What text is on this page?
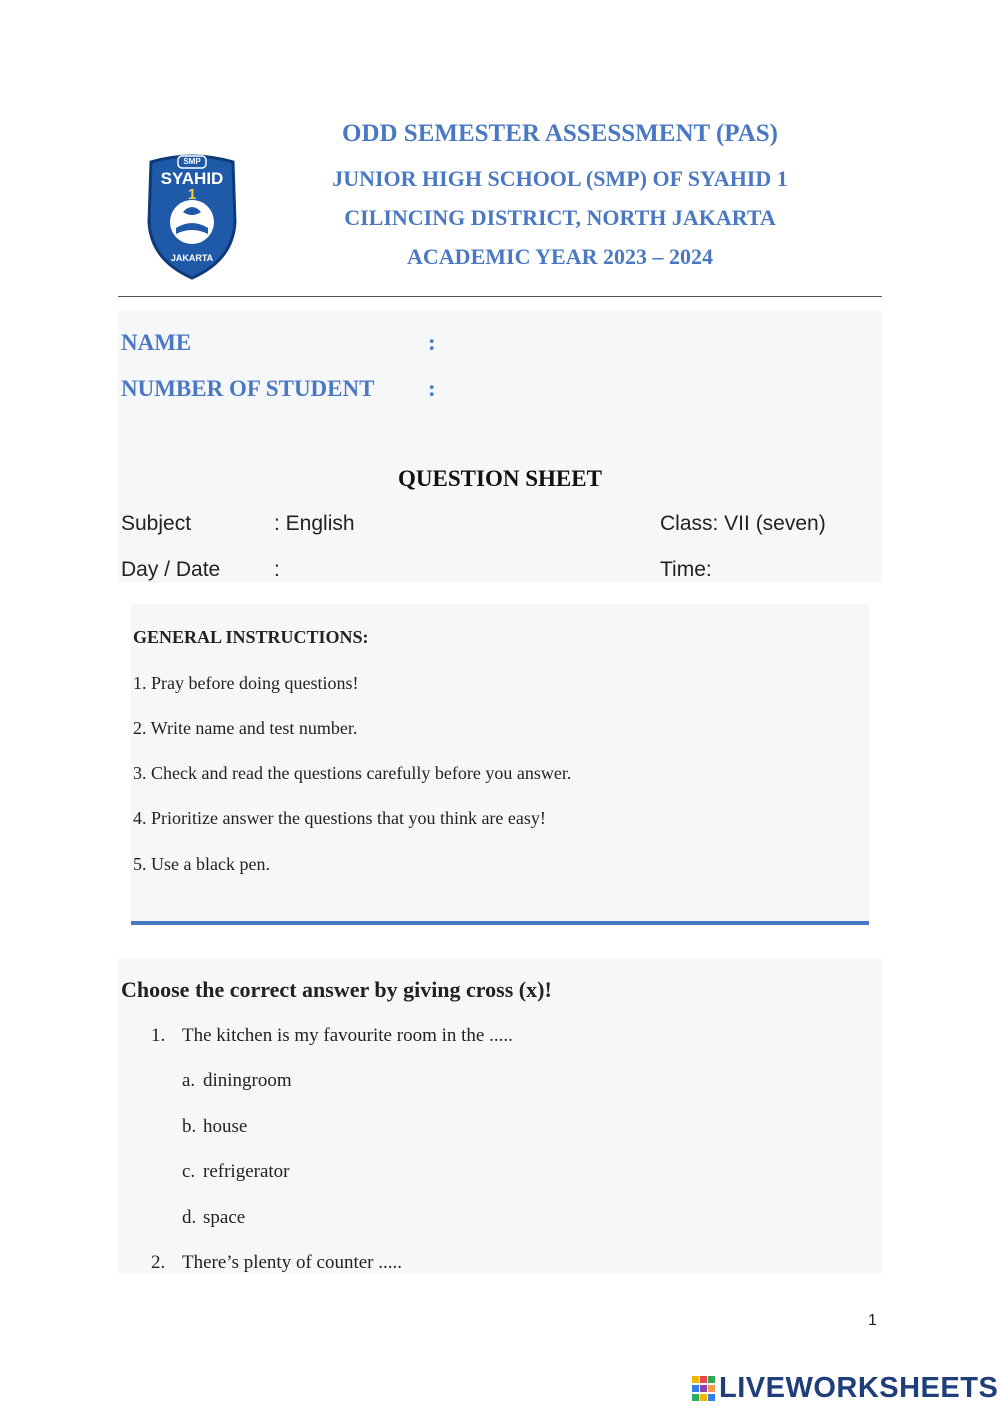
SMP
SYAHID
1
JAKARTA
ODD SEMESTER ASSESSMENT (PAS)
JUNIOR HIGH SCHOOL (SMP) OF SYAHID 1
CILINCING DISTRICT, NORTH JAKARTA
ACADEMIC YEAR 2023 – 2024
NAME	:
NUMBER OF STUDENT :
QUESTION SHEET
Subject	: English	Class: VII (seven)
Day / Date	:	Time:
GENERAL INSTRUCTIONS:
1. Pray before doing questions!
2. Write name and test number.
3. Check and read the questions carefully before you answer.
4. Prioritize answer the questions that you think are easy!
5. Use a black pen.
Choose the correct answer by giving cross (x)!
1. The kitchen is my favourite room in the .....
a. diningroom
b. house
c. refrigerator
d. space
2. There’s plenty of counter .....
1
LIVEWORKSHEETS
